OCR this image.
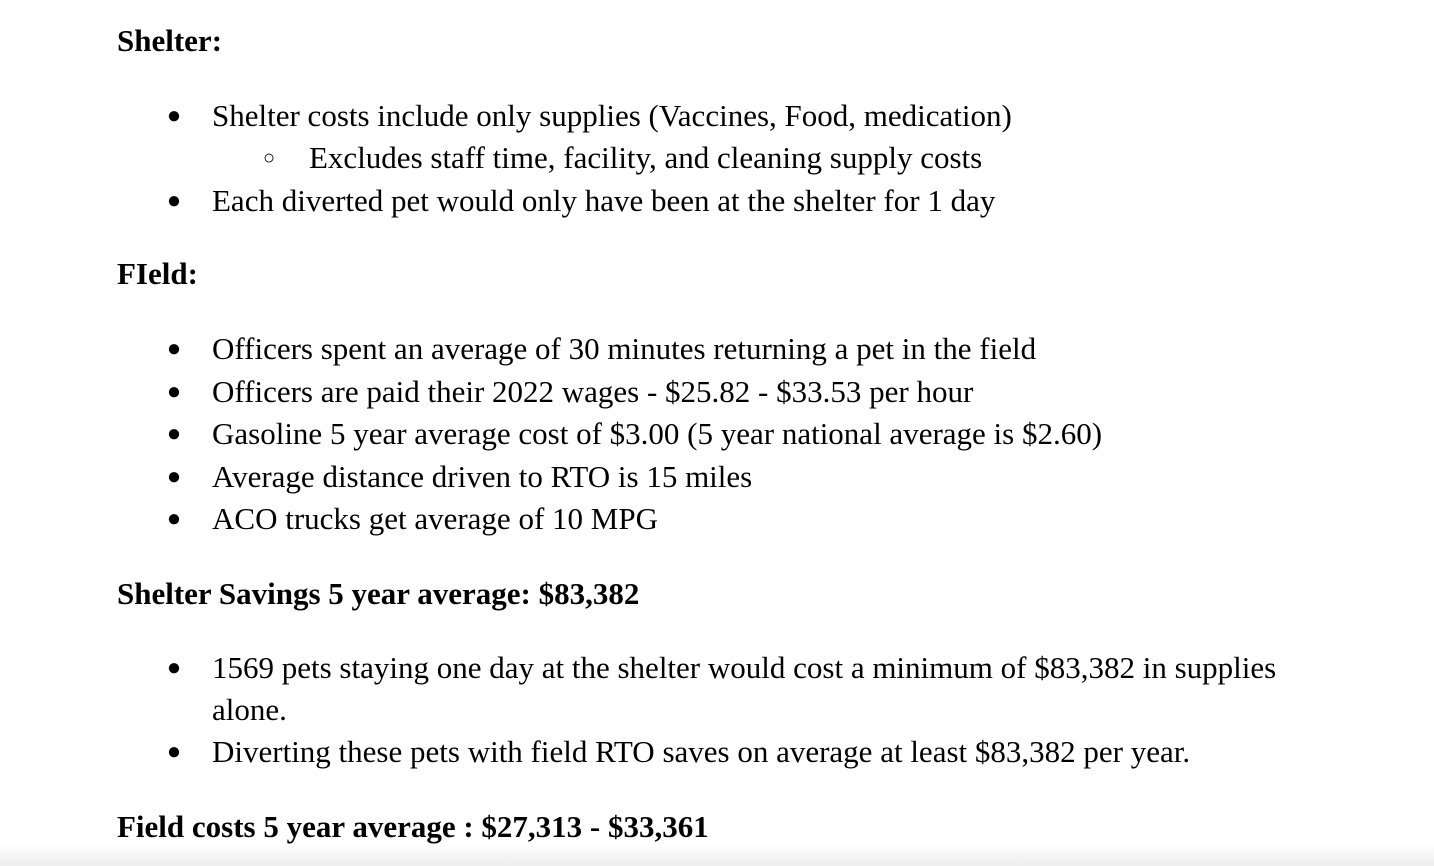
Shelter:
● Shelter costs include only supplies (Vaccines, Food, medication)
○ Excludes staff time, facility, and cleaning supply costs
● Each diverted pet would only have been at the shelter for 1 day
FIeld:
● Officers spent an average of 30 minutes returning a pet in the field
● Officers are paid their 2022 wages - $25.82 - $33.53 per hour
● Gasoline 5 year average cost of $3.00 (5 year national average is $2.60)
● Average distance driven to RTO is 15 miles
● ACO trucks get average of 10 MPG
Shelter Savings 5 year average: $83,382
● 1569 pets staying one day at the shelter would cost a minimum of $83,382 in supplies alone.
● Diverting these pets with field RTO saves on average at least $83,382 per year.
Field costs 5 year average : $27,313 - $33,361
